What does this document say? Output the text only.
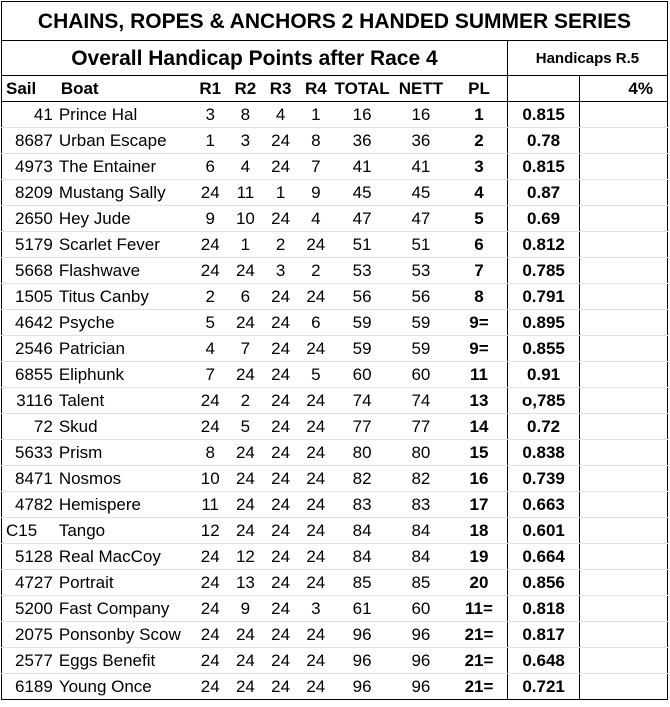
CHAINS, ROPES & ANCHORS 2 HANDED SUMMER SERIES										
Overall Handicap Points after Race 4									Handicaps R.5	
Sail	Boat	R1	R2	R3	R4	TOTAL	NETT	PL		4%
41	Prince Hal	3	8	4	1	16	16	1	0.815	
8687	Urban Escape	1	3	24	8	36	36	2	0.78	
4973	The Entainer	6	4	24	7	41	41	3	0.815	
8209	Mustang Sally	24	11	1	9	45	45	4	0.87	
2650	Hey Jude	9	10	24	4	47	47	5	0.69	
5179	Scarlet Fever	24	1	2	24	51	51	6	0.812	
5668	Flashwave	24	24	3	2	53	53	7	0.785	
1505	Titus Canby	2	6	24	24	56	56	8	0.791	
4642	Psyche	5	24	24	6	59	59	9=	0.895	
2546	Patrician	4	7	24	24	59	59	9=	0.855	
6855	Eliphunk	7	24	24	5	60	60	11	0.91	
3116	Talent	24	2	24	24	74	74	13	o,785	
72	Skud	24	5	24	24	77	77	14	0.72	
5633	Prism	8	24	24	24	80	80	15	0.838	
8471	Nosmos	10	24	24	24	82	82	16	0.739	
4782	Hemispere	11	24	24	24	83	83	17	0.663	
C15	Tango	12	24	24	24	84	84	18	0.601	
5128	Real MacCoy	24	12	24	24	84	84	19	0.664	
4727	Portrait	24	13	24	24	85	85	20	0.856	
5200	Fast Company	24	9	24	3	61	60	11=	0.818	
2075	Ponsonby Scow	24	24	24	24	96	96	21=	0.817	
2577	Eggs Benefit	24	24	24	24	96	96	21=	0.648	
6189	Young Once	24	24	24	24	96	96	21=	0.721	
